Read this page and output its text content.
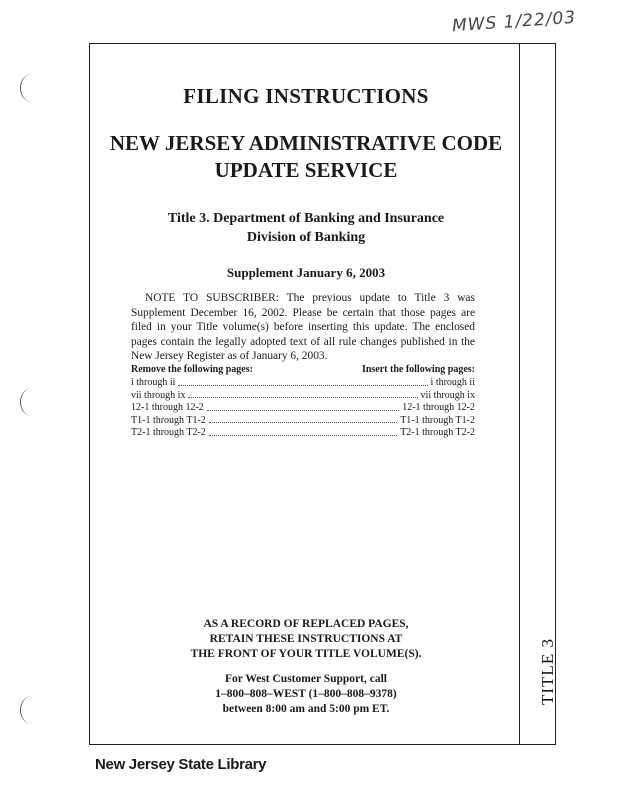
MWS 1/22/03
TITLE 3
FILING INSTRUCTIONS
NEW JERSEY ADMINISTRATIVE CODE
UPDATE SERVICE
Title 3. Department of Banking and Insurance
Division of Banking
Supplement January 6, 2003
NOTE TO SUBSCRIBER: The previous update to Title 3 was Supplement December 16, 2002. Please be certain that those pages are filed in your Title volume(s) before inserting this update. The enclosed pages contain the legally adopted text of all rule changes published in the New Jersey Register as of January 6, 2003.
Remove the following pages:	Insert the following pages:
i through ii	i through ii
vii through ix	vii through ix
12-1 through 12-2	12-1 through 12-2
T1-1 through T1-2	T1-1 through T1-2
T2-1 through T2-2	T2-1 through T2-2
AS A RECORD OF REPLACED PAGES,
RETAIN THESE INSTRUCTIONS AT
THE FRONT OF YOUR TITLE VOLUME(S).
For West Customer Support, call
1–800–808–WEST (1–800–808–9378)
between 8:00 am and 5:00 pm ET.
New Jersey State Library
